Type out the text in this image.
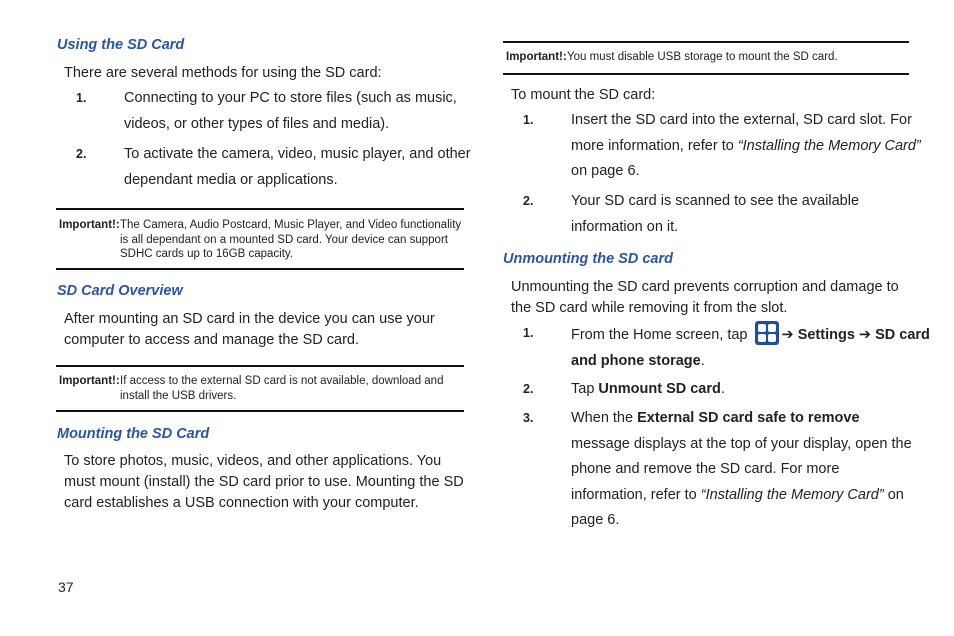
Using the SD Card
There are several methods for using the SD card:
1.	Connecting to your PC to store files (such as music, videos, or other types of files and media).
2.	To activate the camera, video, music player, and other dependant media or applications.
Important!: The Camera, Audio Postcard, Music Player, and Video functionality is all dependant on a mounted SD card. Your device can support SDHC cards up to 16GB capacity.
SD Card Overview
After mounting an SD card in the device you can use your computer to access and manage the SD card.
Important!: If access to the external SD card is not available, download and install the USB drivers.
Mounting the SD Card
To store photos, music, videos, and other applications. You must mount (install) the SD card prior to use. Mounting the SD card establishes a USB connection with your computer.
Important!: You must disable USB storage to mount the SD card.
To mount the SD card:
1.	Insert the SD card into the external, SD card slot. For more information, refer to “Installing the Memory Card” on page 6.
2.	Your SD card is scanned to see the available information on it.
Unmounting the SD card
Unmounting the SD card prevents corruption and damage to the SD card while removing it from the slot.
1.	From the Home screen, tap
➔ Settings ➔ SD card and phone storage.
2.	Tap Unmount SD card.
3.	When the External SD card safe to remove message displays at the top of your display, open the phone and remove the SD card. For more information, refer to “Installing the Memory Card” on page 6.
37
